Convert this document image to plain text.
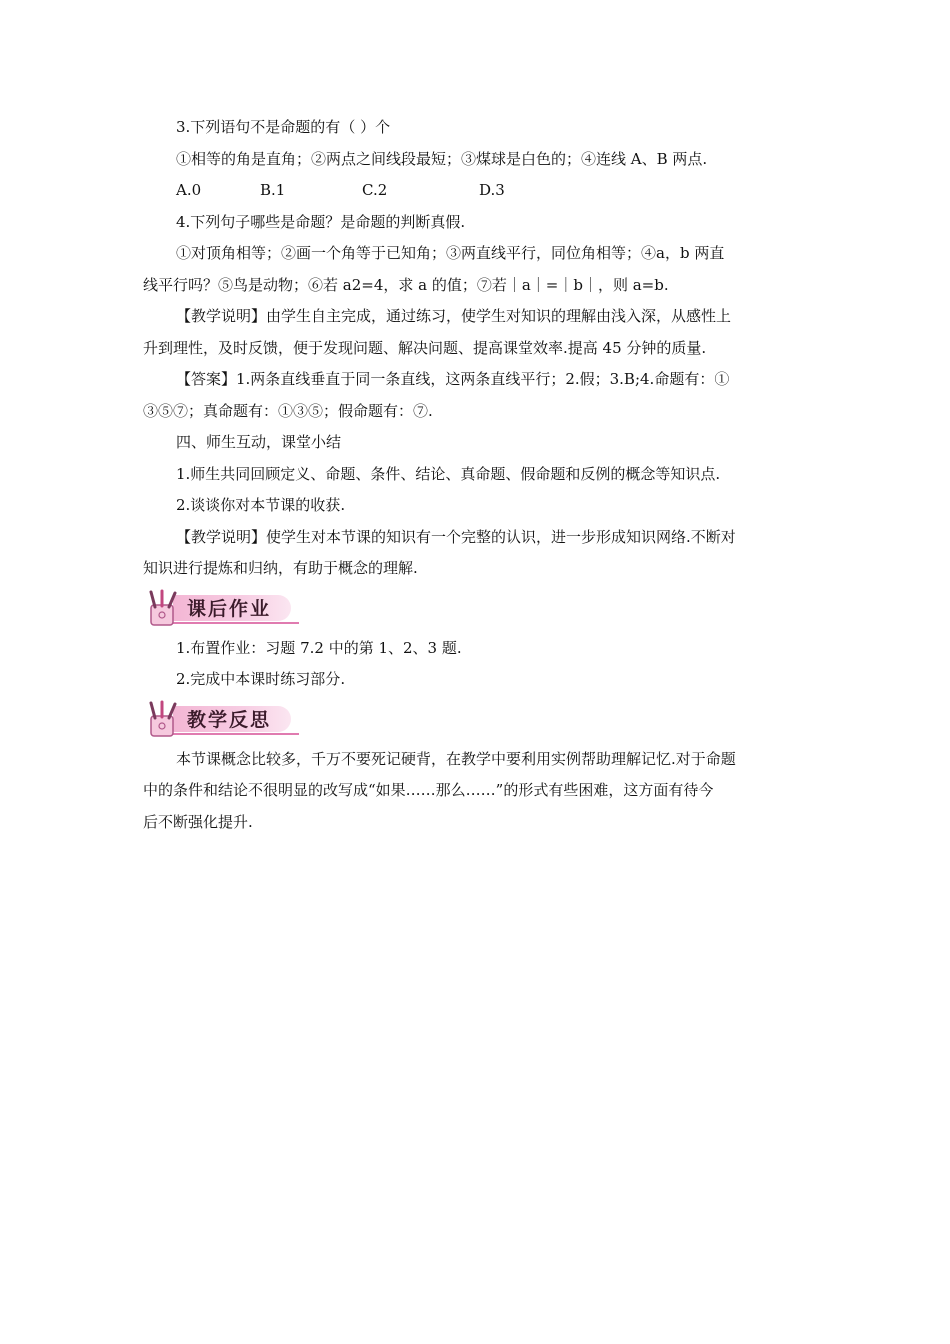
3.下列语句不是命题的有（ ）个
①相等的角是直角；②两点之间线段最短；③煤球是白色的；④连线 A、B 两点.
A.0	B.1	C.2	D.3
4.下列句子哪些是命题？是命题的判断真假.
①对顶角相等；②画一个角等于已知角；③两直线平行，同位角相等；④a，b 两直
线平行吗？⑤鸟是动物；⑥若 a2=4，求 a 的值；⑦若｜a｜=｜b｜，则 a=b.
【教学说明】由学生自主完成，通过练习，使学生对知识的理解由浅入深，从感性上
升到理性，及时反馈，便于发现问题、解决问题、提高课堂效率.提高 45 分钟的质量.
【答案】1.两条直线垂直于同一条直线，这两条直线平行；2.假；3.B;4.命题有：①
③⑤⑦；真命题有：①③⑤；假命题有：⑦.
四、师生互动，课堂小结
1.师生共同回顾定义、命题、条件、结论、真命题、假命题和反例的概念等知识点.
2.谈谈你对本节课的收获.
【教学说明】使学生对本节课的知识有一个完整的认识，进一步形成知识网络.不断对
知识进行提炼和归纳，有助于概念的理解.
课后作业
1.布置作业：习题 7.2 中的第 1、2、3 题.
2.完成中本课时练习部分.
教学反思
本节课概念比较多，千万不要死记硬背，在教学中要利用实例帮助理解记忆.对于命题
中的条件和结论不很明显的改写成“如果……那么……”的形式有些困难，这方面有待今
后不断强化提升.
